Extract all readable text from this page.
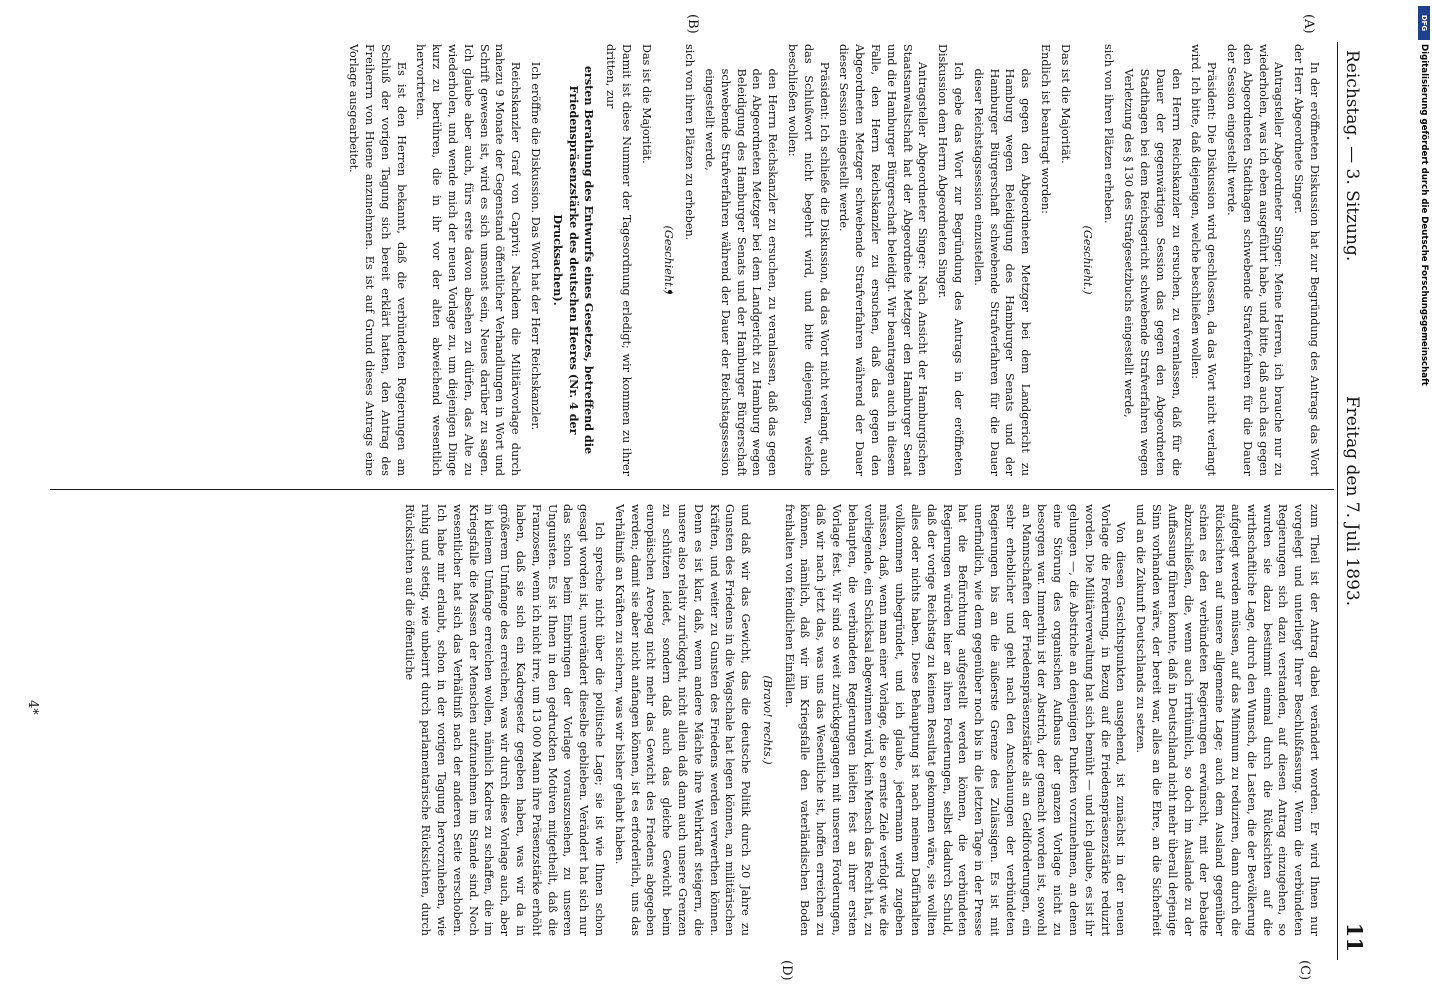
Reichstag. — 3. Sitzung.
Freitag den 7. Juli 1893.
11
(A)
(B)
(C)
(D)

In der eröffneten Diskussion hat zur Begründung des Antrags das Wort der Herr Abgeordnete Singer.

Antragsteller Abgeordneter Singer: Meine Herren, ich brauche nur zu wiederholen, was ich eben ausgeführt habe, und bitte, daß auch das gegen den Abgeordneten Stadthagen schwebende Strafverfahren für die Dauer der Session eingestellt werde.

Präsident: Die Diskussion wird geschlossen, da das Wort nicht verlangt wird. Ich bitte, daß diejenigen, welche beschließen wollen:

den Herrn Reichskanzler zu ersuchen, zu veranlassen, daß für die Dauer der gegenwärtigen Session das gegen den Abgeordneten Stadthagen bei dem Reichsgericht schwebende Strafverfahren wegen Verletzung des § 130 des Strafgesetzbuchs eingestellt werde,

sich von ihren Plätzen erheben.

(Geschieht.)

Das ist die Majorität.

Endlich ist beantragt worden:

das gegen den Abgeordneten Metzger bei dem Landgericht zu Hamburg wegen Beleidigung des Hamburger Senats und der Hamburger Bürgerschaft schwebende Strafverfahren für die Dauer dieser Reichstagssession einzustellen.

Ich gebe das Wort zur Begründung des Antrags in der eröffneten Diskussion dem Herrn Abgeordneten Singer.

Antragsteller Abgeordneter Singer: Nach Ansicht der Hamburgischen Staatsanwaltschaft hat der Abgeordnete Metzger den Hamburger Senat und die Hamburger Bürgerschaft beleidigt. Wir beantragen auch in diesem Falle, den Herrn Reichskanzler zu ersuchen, daß das gegen den Abgeordneten Metzger schwebende Strafverfahren während der Dauer dieser Session eingestellt werde.

Präsident: Ich schließe die Diskussion, da das Wort nicht verlangt, auch das Schlußwort nicht begehrt wird, und bitte diejenigen, welche beschließen wollen:

den Herrn Reichskanzler zu ersuchen, zu veranlassen, daß das gegen den Abgeordneten Metzger bei dem Landgericht zu Hamburg wegen Beleidigung des Hamburger Senats und der Hamburger Bürgerschaft schwebende Strafverfahren während der Dauer der Reichstagssession eingestellt werde,

sich von ihren Plätzen zu erheben.

(Geschieht.)

Das ist die Majorität.

Damit ist diese Nummer der Tagesordnung erledigt; wir kommen zu ihrer dritten, zur

ersten Berathung des Entwurfs eines Gesetzes, betreffend die Friedenspräsenzstärke des deutschen Heeres (Nr. 4 der Drucksachen).

Ich eröffne die Diskussion. Das Wort hat der Herr Reichskanzler.

Reichskanzler Graf von Caprivi: Nachdem die Militärvorlage durch nahezu 9 Monate der Gegenstand öffentlicher Verhandlungen in Wort und Schrift gewesen ist, wird es sich umsonst sein, Neues darüber zu sagen. Ich glaube aber auch, fürs erste davon absehen zu dürfen, das Alte zu wiederholen, und wende mich der neuen Vorlage zu, um diejenigen Dinge kurz zu berühren, die in ihr vor der alten abweichend wesentlich hervortreten.

Es ist den Herren bekannt, daß die verbündeten Regierungen am Schluß der vorigen Tagung sich bereit erklärt hatten, den Antrag des Freiherrn von Huene anzunehmen. Es ist auf Grund dieses Antrags eine Vorlage ausgearbeitet.

zum Theil ist der Antrag dabei verändert worden. Er wird Ihnen nur vorgelegt und unterliegt Ihrer Beschlußfassung. Wenn die verbündeten Regierungen sich dazu verstanden, auf diesen Antrag einzugehen, so wurden sie dazu bestimmt einmal durch die Rücksichten auf die wirthschaftliche Lage, durch den Wunsch, die Lasten, die der Bevölkerung aufgelegt werden müssen, auf das Minimum zu reduziren, dann durch die Rücksichten auf unsere allgemeine Lage; auch dem Ausland gegenüber schien es den verbündeten Regierungen erwünscht, mit der Debatte abzuschließen, die, wenn auch irrthümlich, so doch im Auslande zu der Auffassung führen konnte, daß in Deutschland nicht mehr überall derjenige Sinn vorhanden wäre, der bereit war, alles an die Ehre, an die Sicherheit und an die Zukunft Deutschlands zu setzen.

Von diesen Gesichtspunkten ausgehend, ist zunächst in der neuen Vorlage die Forderung, in Bezug auf die Friedenspräsenzstärke reduzirt worden. Die Militärverwaltung hat sich bemüht — und ich glaube, es ist ihr gelungen —, die Abstriche an denjenigen Punkten vorzunehmen, an denen eine Störung des organischen Aufbaus der ganzen Vorlage nicht zu besorgen war. Immerhin ist der Abstrich, der gemacht worden ist, sowohl an Mannschaften der Friedenspräsenzstärke als an Geldforderungen, ein sehr erheblicher und geht nach den Anschauungen der verbündeten Regierungen bis an die äußerste Grenze des Zulässigen. Es ist mit unerfindlich, wie dem gegenüber noch bis in die letzten Tage in der Presse hat die Befürchtung aufgestellt werden können, die verbündeten Regierungen würden hier an ihren Forderungen, selbst dadurch Schuld, daß der vorige Reichstag zu keinem Resultat gekommen wäre, sie wollten alles oder nichts haben. Diese Behauptung ist nach meinem Dafürhalten vollkommen unbegründet, und ich glaube, jedermann wird zugeben müssen, daß, wenn man einer Vorlage, die so ernste Ziele verfolgt wie die vorliegende, ein Schicksal abgewinnen wird, kein Mensch das Recht hat, zu behaupten, die verbündeten Regierungen hielten fest an ihrer ersten Vorlage fest. Wir sind so weit zurückgegangen mit unseren Forderungen, daß wir nach jetzt das, was uns das Wesentliche ist, hoffen erreichen zu können, nämlich, daß wir im Kriegsfalle den vaterländischen Boden freihalten von feindlichen Einfällen.

(Bravo! rechts.)

und daß wir das Gewicht, das die deutsche Politik durch 20 Jahre zu Gunsten des Friedens in die Wagschale hat legen können, an militärischen Kräften, und weiter zu Gunsten des Friedens werden verwerthen können. Denn es ist klar, daß, wenn andere Mächte ihre Wehrkraft steigern, die unsere also relativ zurückgeht, nicht allein daß dann auch unsere Grenzen zu schützen leidet, sondern daß auch das gleiche Gewicht beim europäischen Areopag nicht mehr das Gewicht des Friedens abgegeben werden; damit sie aber nicht anfangen können, ist es erforderlich, uns das Verhältniß an Kräften zu sichern, was wir bisher gehabt haben.

Ich spreche nicht über die politische Lage; sie ist wie Ihnen schon gesagt worden ist, unverändert dieselbe geblieben. Verändert hat sich nur das schon beim Einbringen der Vorlage vorauszusehen, zu unseren Ungunsten. Es ist Ihnen in den gedruckten Motiven mitgetheilt, daß die Franzosen, wenn ich nicht irre, um 13 000 Mann ihre Präsenzstärke erhöht haben, daß sie sich ein Kadregesetz gegeben haben, was wir da in größerem Umfange des erreichen, was wir durch diese Vorlage auch, aber in kleinem Umfange erreichen wollen, nämlich Kadres zu schaffen, die im Kriegsfalle die Massen der Menschen aufzunehmen im Stande sind. Noch wesentlicher hat sich das Verhältniß nach der anderen Seite verschoben. Ich habe mir erlaubt, schon in der vorigen Tagung hervorzuheben, wie ruhig und stetig, wie unbeirrt durch parlamentarische Rücksichten, durch Rücksichten auf die öffentliche

4*
Digitalisierung gefördert durch die Deutsche Forschungsgemeinschaft
DFG
